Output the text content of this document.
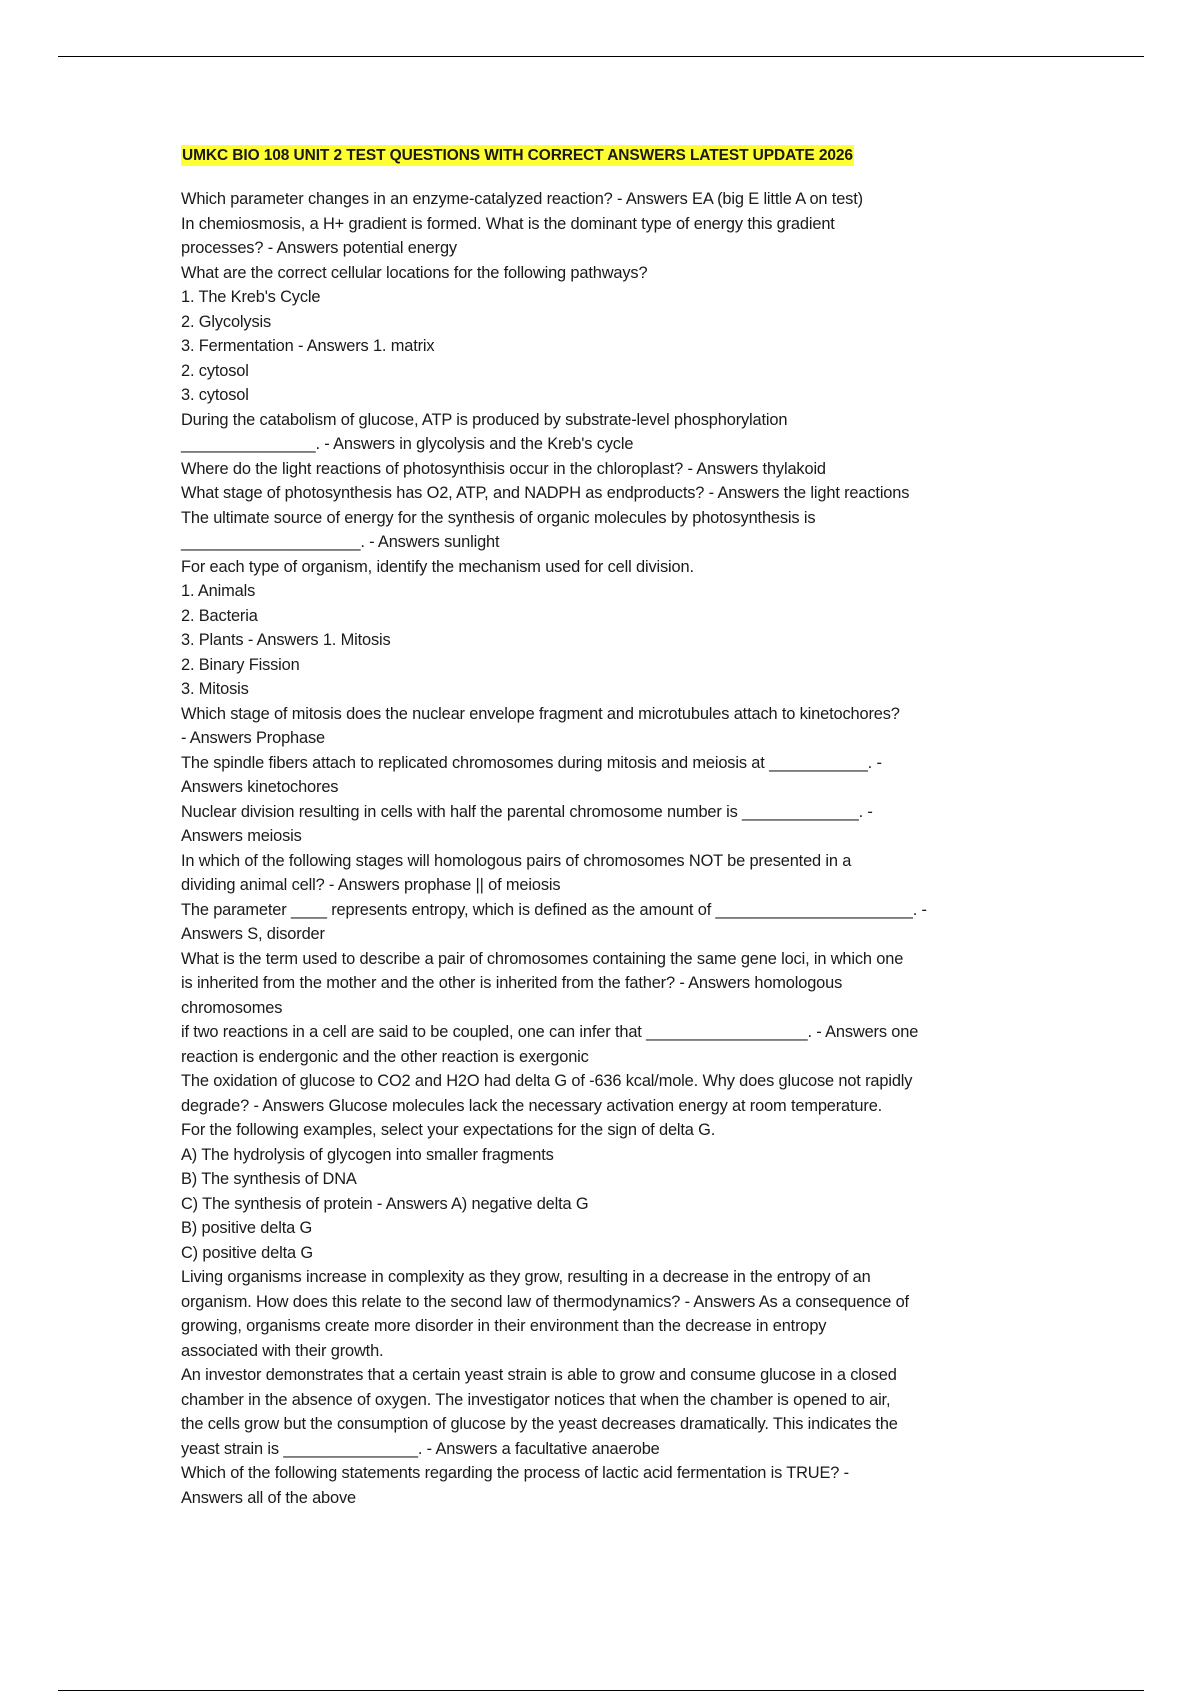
UMKC BIO 108 UNIT 2 TEST QUESTIONS WITH CORRECT ANSWERS LATEST UPDATE 2026
Which parameter changes in an enzyme-catalyzed reaction? - Answers EA (big E little A on test)
In chemiosmosis, a H+ gradient is formed. What is the dominant type of energy this gradient
processes? - Answers potential energy
What are the correct cellular locations for the following pathways?
1. The Kreb's Cycle
2. Glycolysis
3. Fermentation - Answers 1. matrix
2. cytosol
3. cytosol
During the catabolism of glucose, ATP is produced by substrate-level phosphorylation
_______________. - Answers in glycolysis and the Kreb's cycle
Where do the light reactions of photosynthisis occur in the chloroplast? - Answers thylakoid
What stage of photosynthesis has O2, ATP, and NADPH as endproducts? - Answers the light reactions
The ultimate source of energy for the synthesis of organic molecules by photosynthesis is
____________________. - Answers sunlight
For each type of organism, identify the mechanism used for cell division.
1. Animals
2. Bacteria
3. Plants - Answers 1. Mitosis
2. Binary Fission
3. Mitosis
Which stage of mitosis does the nuclear envelope fragment and microtubules attach to kinetochores?
- Answers Prophase
The spindle fibers attach to replicated chromosomes during mitosis and meiosis at ___________. -
Answers kinetochores
Nuclear division resulting in cells with half the parental chromosome number is _____________. -
Answers meiosis
In which of the following stages will homologous pairs of chromosomes NOT be presented in a
dividing animal cell? - Answers prophase || of meiosis
The parameter ____ represents entropy, which is defined as the amount of ______________________. -
Answers S, disorder
What is the term used to describe a pair of chromosomes containing the same gene loci, in which one
is inherited from the mother and the other is inherited from the father? - Answers homologous
chromosomes
if two reactions in a cell are said to be coupled, one can infer that __________________. - Answers one
reaction is endergonic and the other reaction is exergonic
The oxidation of glucose to CO2 and H2O had delta G of -636 kcal/mole. Why does glucose not rapidly
degrade? - Answers Glucose molecules lack the necessary activation energy at room temperature.
For the following examples, select your expectations for the sign of delta G.
A) The hydrolysis of glycogen into smaller fragments
B) The synthesis of DNA
C) The synthesis of protein - Answers A) negative delta G
B) positive delta G
C) positive delta G
Living organisms increase in complexity as they grow, resulting in a decrease in the entropy of an
organism. How does this relate to the second law of thermodynamics? - Answers As a consequence of
growing, organisms create more disorder in their environment than the decrease in entropy
associated with their growth.
An investor demonstrates that a certain yeast strain is able to grow and consume glucose in a closed
chamber in the absence of oxygen. The investigator notices that when the chamber is opened to air,
the cells grow but the consumption of glucose by the yeast decreases dramatically. This indicates the
yeast strain is _______________. - Answers a facultative anaerobe
Which of the following statements regarding the process of lactic acid fermentation is TRUE? -
Answers all of the above
